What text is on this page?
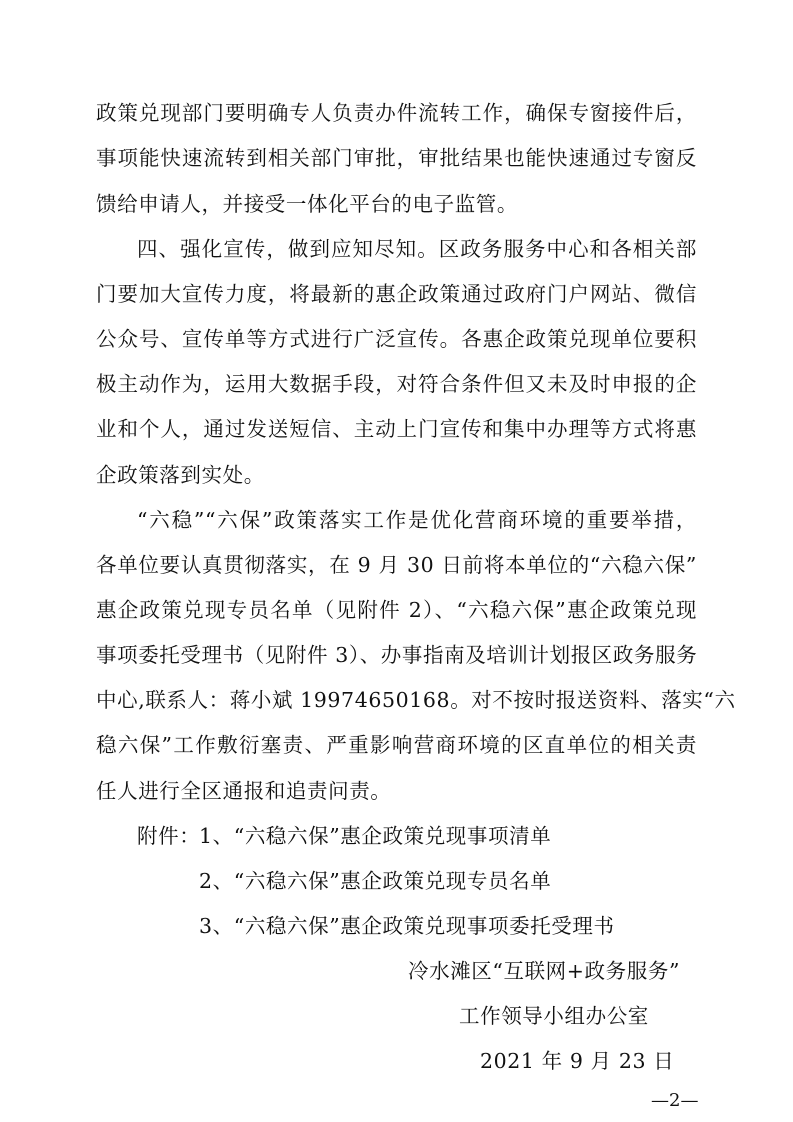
政策兑现部门要明确专人负责办件流转工作，确保专窗接件后，
事项能快速流转到相关部门审批，审批结果也能快速通过专窗反
馈给申请人，并接受一体化平台的电子监管。
四、强化宣传，做到应知尽知。区政务服务中心和各相关部
门要加大宣传力度，将最新的惠企政策通过政府门户网站、微信
公众号、宣传单等方式进行广泛宣传。各惠企政策兑现单位要积
极主动作为，运用大数据手段，对符合条件但又未及时申报的企
业和个人，通过发送短信、主动上门宣传和集中办理等方式将惠
企政策落到实处。
“六稳”“六保”政策落实工作是优化营商环境的重要举措，
各单位要认真贯彻落实，在 9 月 30 日前将本单位的“六稳六保”
惠企政策兑现专员名单（见附件 2）、“六稳六保”惠企政策兑现
事项委托受理书（见附件 3）、办事指南及培训计划报区政务服务
中心,联系人：蒋小斌 19974650168。对不按时报送资料、落实“六
稳六保”工作敷衍塞责、严重影响营商环境的区直单位的相关责
任人进行全区通报和追责问责。
附件：
1、“六稳六保”惠企政策兑现事项清单
2、“六稳六保”惠企政策兑现专员名单
3、“六稳六保”惠企政策兑现事项委托受理书
冷水滩区“互联网+政务服务”
工作领导小组办公室
2021 年 9 月 23 日
—2—
